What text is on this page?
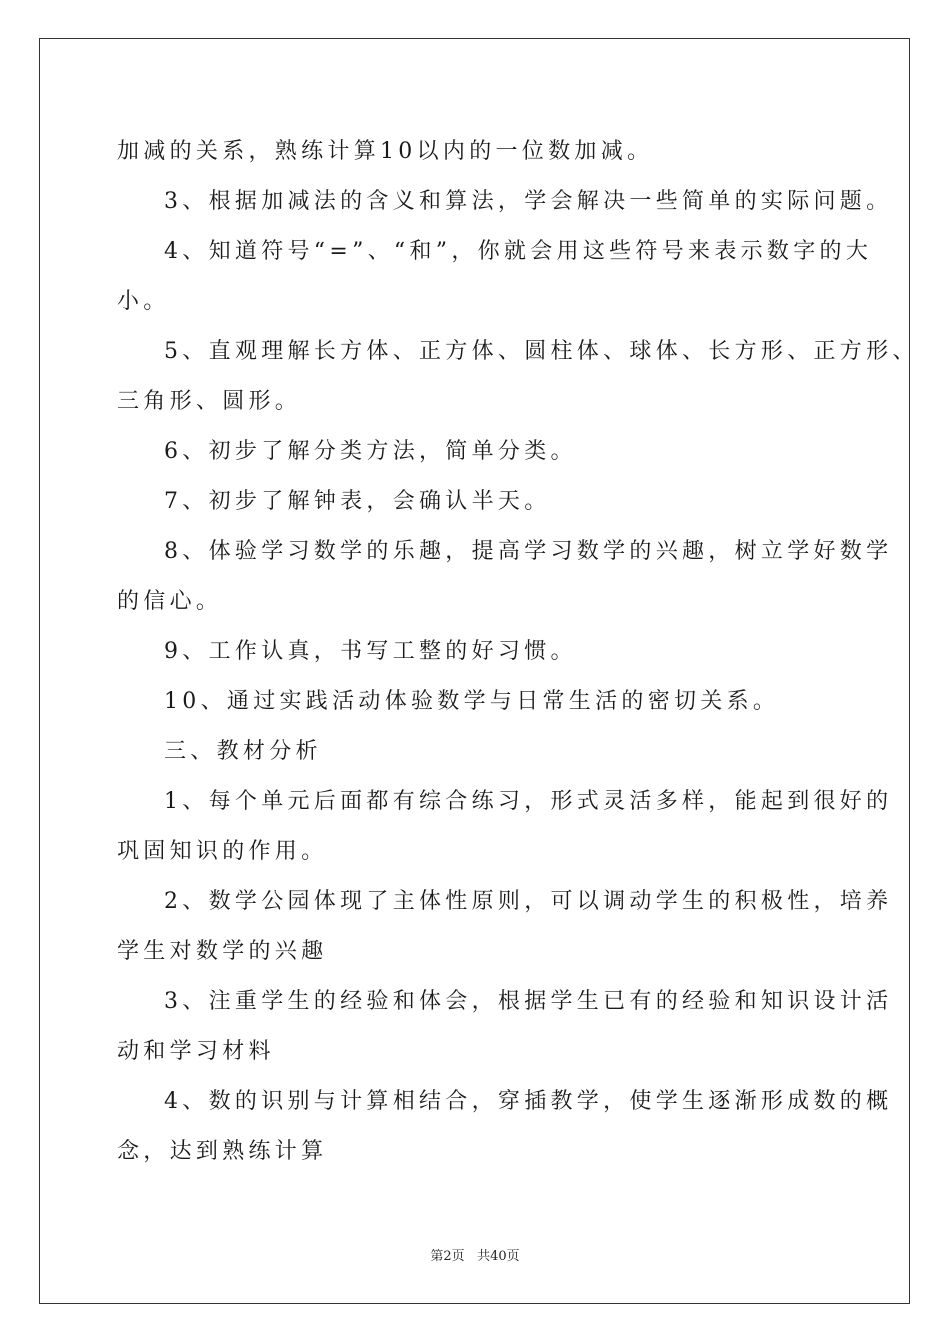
加减的关系，熟练计算10以内的一位数加减。
3、根据加减法的含义和算法，学会解决一些简单的实际问题。
4、知道符号“=”、“和”，你就会用这些符号来表示数字的大
小。
5、直观理解长方体、正方体、圆柱体、球体、长方形、正方形、
三角形、圆形。
6、初步了解分类方法，简单分类。
7、初步了解钟表，会确认半天。
8、体验学习数学的乐趣，提高学习数学的兴趣，树立学好数学
的信心。
9、工作认真，书写工整的好习惯。
10、通过实践活动体验数学与日常生活的密切关系。
三、教材分析
1、每个单元后面都有综合练习，形式灵活多样，能起到很好的
巩固知识的作用。
2、数学公园体现了主体性原则，可以调动学生的积极性，培养
学生对数学的兴趣
3、注重学生的经验和体会，根据学生已有的经验和知识设计活
动和学习材料
4、数的识别与计算相结合，穿插教学，使学生逐渐形成数的概
念，达到熟练计算
第2页 共40页
